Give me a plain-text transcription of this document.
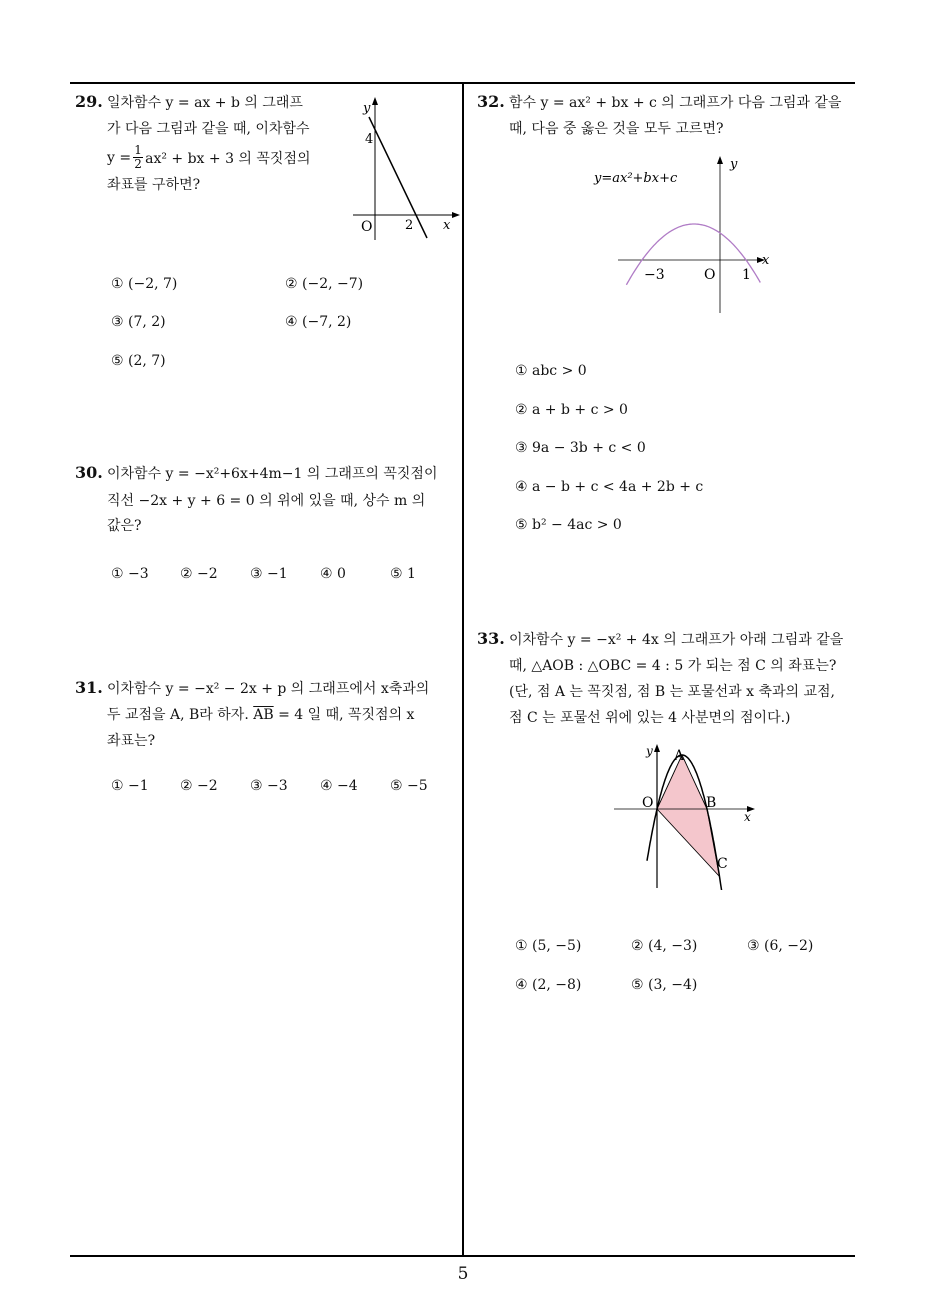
5
29. 일차함수 y = ax + b 의 그래프
가 다음 그림과 같을 때, 이차함수
y = 1
2 ax² + bx + 3 의 꼭짓점의
좌표를 구하면?
y
4
O	2 x
① (−2, 7)	② (−2, −7)
③ (7, 2)	④ (−7, 2)
⑤ (2, 7)
30. 이차함수 y = −x²+6x+4m−1 의 그래프의 꼭짓점이
직선 −2x + y + 6 = 0 의 위에 있을 때, 상수 m 의
값은?
① −3 ② −2 ③ −1 ④ 0	⑤ 1
31. 이차함수 y = −x² − 2x + p 의 그래프에서 x축과의
두 교점을 A, B라 하자. $\overline{AB} = 4$ 일 때, 꼭짓점의 x
좌표는?
① −1 ② −2 ③ −3 ④ −4 ⑤ −5
32. 함수 y = ax² + bx + c 의 그래프가 다음 그림과 같을
때, 다음 중 옳은 것을 모두 고르면?
y=ax²+bx+c
y
x
−3	O 1
① abc > 0
② a + b + c > 0
③ 9a − 3b + c < 0
④ a − b + c < 4a + 2b + c
⑤ b² − 4ac > 0
33. 이차함수 y = −x² + 4x 의 그래프가 아래 그림과 같을
때, △AOB : △OBC = 4 : 5 가 되는 점 C 의 좌표는?
(단, 점 A 는 꼭짓점, 점 B 는 포물선과 x 축과의 교점,
점 C 는 포물선 위에 있는 4 사분면의 점이다.)
y A
O	B
x
C
① (5, −5)	② (4, −3)	③ (6, −2)
④ (2, −8)	⑤ (3, −4)
